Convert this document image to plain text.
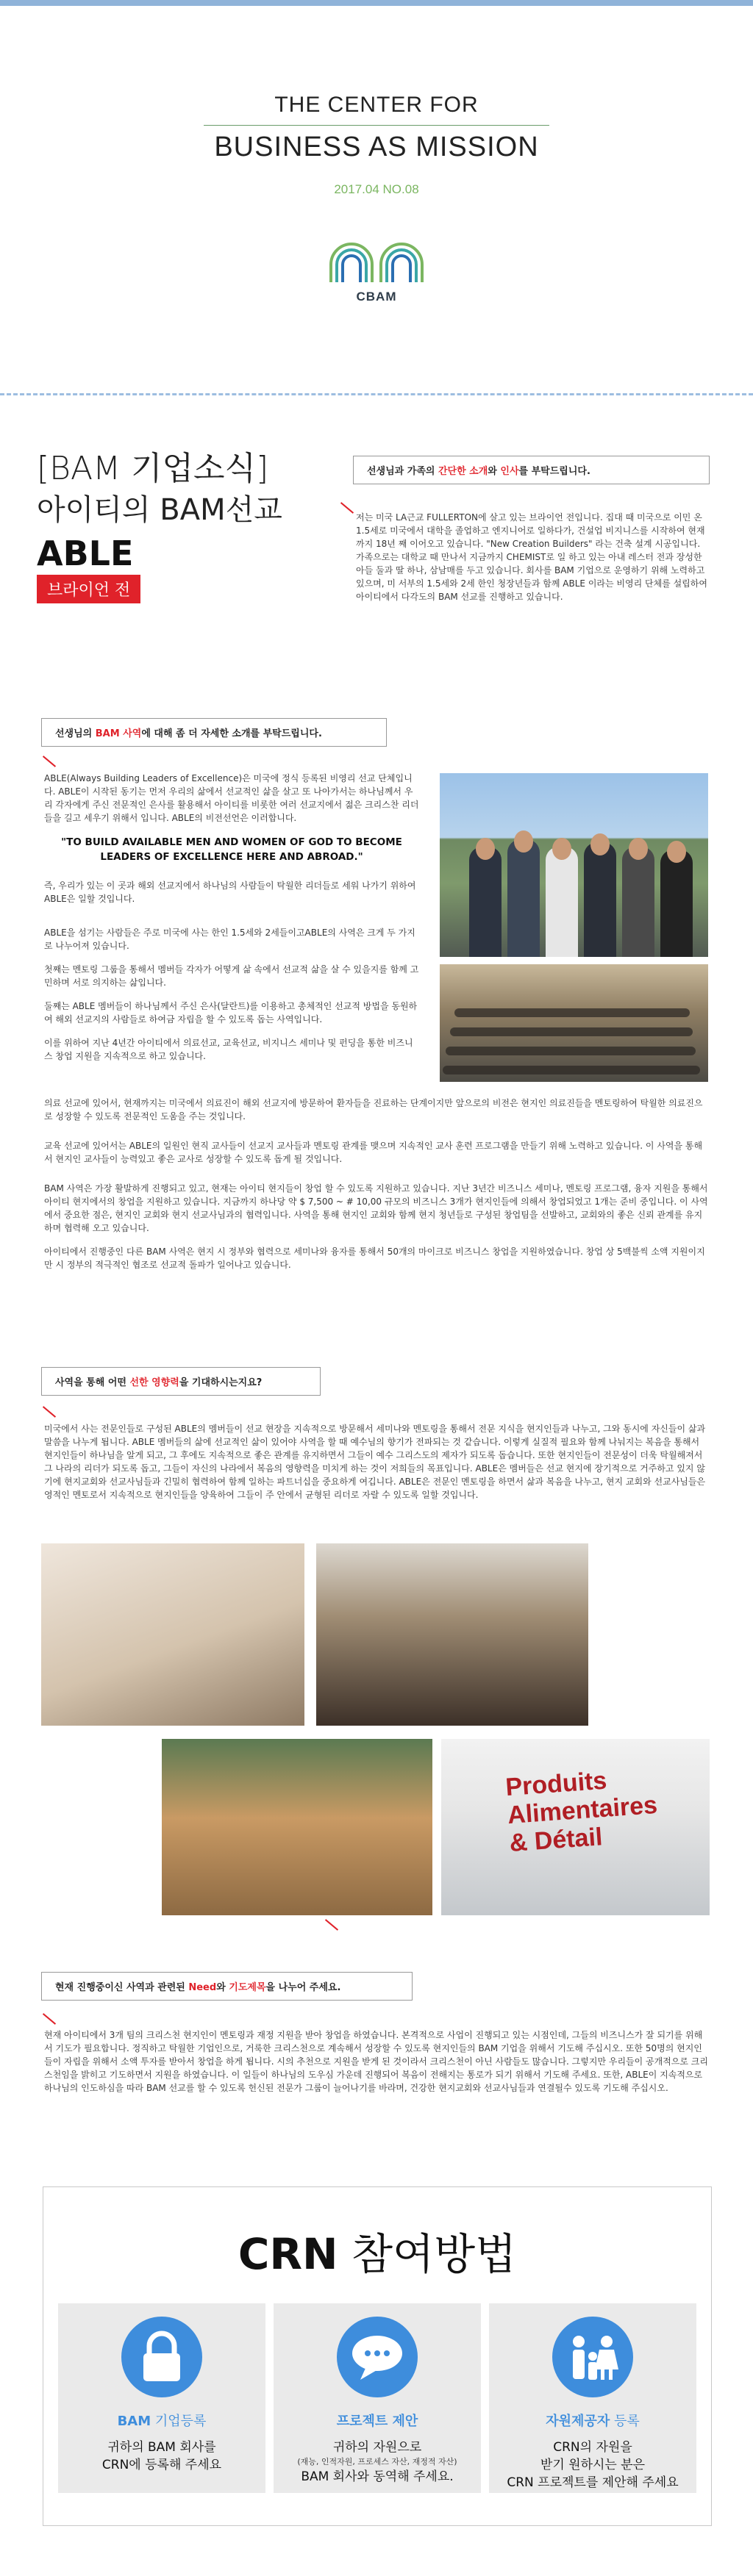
THE CENTER FOR
BUSINESS AS MISSION
2017.04 NO.08
CBAM
[BAM 기업소식]
아이티의 BAM선교
ABLE
브라이언 전
선생님과 가족의 간단한 소개와 인사를 부탁드립니다.

저는 미국 LA근교 FULLERTON에 살고 있는 브라이언 전입니다. 집대 때 미국으로 이민 온 1.5세로 미국에서 대학을 졸업하고 엔지니어로 일하다가, 건설업 비지니스를 시작하여 현재까지 18년 째 이어오고 있습니다. "New Creation Builders" 라는 건축 설계 시공입니다. 가족으로는 대학교 때 만나서 지금까지 CHEMIST로 일 하고 있는 아내 레스터 전과 장성한 아들 둘과 딸 하나, 삼남매를 두고 있습니다. 회사를 BAM 기업으로 운영하기 위해 노력하고 있으며, 미 서부의 1.5세와 2세 한인 청장년들과 함께 ABLE 이라는 비영리 단체를 설립하여 아이티에서 다각도의 BAM 선교를 진행하고 있습니다.

선생님의 BAM 사역에 대해 좀 더 자세한 소개를 부탁드립니다.

ABLE(Always Building Leaders of Excellence)은 미국에 정식 등록된 비영리 선교 단체입니다. ABLE이 시작된 동기는 먼저 우리의 삶에서 선교적인 삶을 살고 또 나아가서는 하나님께서 우리 각자에게 주신 전문적인 은사를 활용해서 아이티를 비롯한 여러 선교지에서 젊은 크리스찬 리더들을 길고 세우기 위해서 입니다. ABLE의 비전선언은 이러합니다.

"TO BUILD AVAILABLE MEN AND WOMEN OF GOD TO BECOME LEADERS OF EXCELLENCE HERE AND ABROAD."

즉, 우리가 있는 이 곳과 해외 선교지에서 하나님의 사람들이 탁월한 리더들로 세워 나가기 위하여 ABLE은 일할 것입니다.

ABLE을 섬기는 사람들은 주로 미국에 사는 한인 1.5세와 2세들이고ABLE의 사역은 크게 두 가지로 나누어져 있습니다.

첫째는 멘토링 그룹을 통해서 멤버들 각자가 어떻게 삶 속에서 선교적 삶을 살 수 있을지를 함께 고민하며 서로 의지하는 삶입니다.

둘째는 ABLE 멤버들이 하나님께서 주신 은사(달란트)를 이용하고 총체적인 선교적 방법을 동원하여 해외 선교지의 사람들로 하여금 자립을 할 수 있도록 돕는 사역입니다.

이를 위하여 지난 4년간 아이티에서 의료선교, 교육선교, 비지니스 세미나 및 펀딩을 통한 비즈니스 창업 지원을 지속적으로 하고 있습니다.

의료 선교에 있어서, 현재까지는 미국에서 의료진이 해외 선교지에 방문하여 환자들을 진료하는 단계이지만 앞으로의 비전은 현지인 의료진들을 멘토링하여 탁월한 의료진으로 성장할 수 있도록 전문적인 도움을 주는 것입니다.

교육 선교에 있어서는 ABLE의 일원인 현직 교사들이 선교지 교사들과 멘토링 관계를 맺으며 지속적인 교사 훈련 프로그램을 만들기 위해 노력하고 있습니다. 이 사역을 통해서 현지인 교사들이 능력있고 좋은 교사로 성장할 수 있도록 돕게 될 것입니다.

BAM 사역은 가장 활발하게 진행되고 있고, 현재는 아이티 현지들이 창업 할 수 있도록 지원하고 있습니다. 지난 3년간 비즈니스 세미나, 멘토링 프로그램, 융자 지원을 통해서 아이티 현지에서의 창업을 지원하고 있습니다. 지금까지 하나당 약 $ 7,500 ~ # 10,00 규모의 비즈니스 3개가 현지인들에 의해서 창업되었고 1개는 준비 중입니다. 이 사역에서 중요한 점은, 현지인 교회와 현지 선교사님과의 협력입니다. 사역을 통해 현지인 교회와 함께 현지 청년들로 구성된 창업팀을 선발하고, 교회와의 좋은 신뢰 관계를 유지하며 협력해 오고 있습니다.

아이티에서 진행중인 다른 BAM 사역은 현지 시 정부와 협력으로 세미나와 융자를 통해서 50개의 마이크로 비즈니스 창업을 지원하였습니다. 창업 상 5백불씩 소액 지원이지만 시 정부의 적극적인 협조로 선교적 돌파가 일어나고 있습니다.

사역을 통해 어떤 선한 영향력을 기대하시는지요?

미국에서 사는 전문인들로 구성된 ABLE의 멤버들이 선교 현장을 지속적으로 방문해서 세미나와 멘토링을 통해서 전문 지식을 현지인들과 나누고, 그와 동시에 자신들이 삶과 말씀을 나누게 됩니다. ABLE 멤버들의 삶에 선교적인 삶이 있어야 사역을 할 때 예수님의 향기가 전파되는 것 같습니다. 이렇게 실질적 필요와 함께 나눠지는 복음을 통해서 현지인들이 하나님을 알게 되고, 그 후에도 지속적으로 좋은 관계를 유지하면서 그들이 예수 그리스도의 제자가 되도록 돕습니다. 또한 현지인들이 전문성이 더욱 탁월해져서 그 나라의 리더가 되도록 돕고, 그들이 자신의 나라에서 복음의 영향력을 미치게 하는 것이 저희들의 목표입니다. ABLE은 멤버들은 선교 현지에 장기적으로 거주하고 있지 않기에 현지교회와 선교사님들과 긴밀히 협력하여 함께 일하는 파트너십을 중요하게 여깁니다. ABLE은 전문인 멘토링을 하면서 삶과 복음을 나누고, 현지 교회와 선교사님들은 영적인 멘토로서 지속적으로 현지인들을 양육하여 그들이 주 안에서 균형된 리더로 자랄 수 있도록 일할 것입니다.

Produits
Alimentaires
& Détail
현재 진행중이신 사역과 관련된 Need와 기도제목을 나누어 주세요.

현재 아이티에서 3개 팀의 크리스천 현지인이 멘토링과 재정 지원을 받아 창업을 하였습니다. 본격적으로 사업이 진행되고 있는 시점인데, 그들의 비즈니스가 잘 되기를 위해서 기도가 필요합니다. 정직하고 탁월한 기업인으로, 거룩한 크리스천으로 계속해서 성장할 수 있도록 현지인들의 BAM 기업을 위해서 기도해 주십시오. 또한 50명의 현지인들이 자립을 위해서 소액 투자를 받아서 창업을 하게 됩니다. 시의 추천으로 지원을 받게 된 것이라서 크리스천이 아닌 사람들도 많습니다. 그렇지만 우리들이 공개적으로 크리스천임을 밝히고 기도하면서 지원을 하였습니다. 이 일들이 하나님의 도우심 가운데 진행되어 복음이 전해지는 통로가 되기 위해서 기도해 주세요. 또한, ABLE이 지속적으로 하나님의 인도하심을 따라 BAM 선교를 할 수 있도록 헌신된 전문가 그룹이 늘어나기를 바라며, 건강한 현지교회와 선교사님들과 연결될수 있도록 기도해 주십시오.

CRN 참여방법
BAM 기업등록
귀하의 BAM 회사를
CRN에 등록해 주세요
프로젝트 제안
귀하의 자원으로
(재능, 인적자원, 프로세스 자산, 재정적 자산)
BAM 회사와 동역해 주세요.
자원제공자 등록
CRN의 자원을
받기 원하시는 분은
CRN 프로젝트를 제안해 주세요
